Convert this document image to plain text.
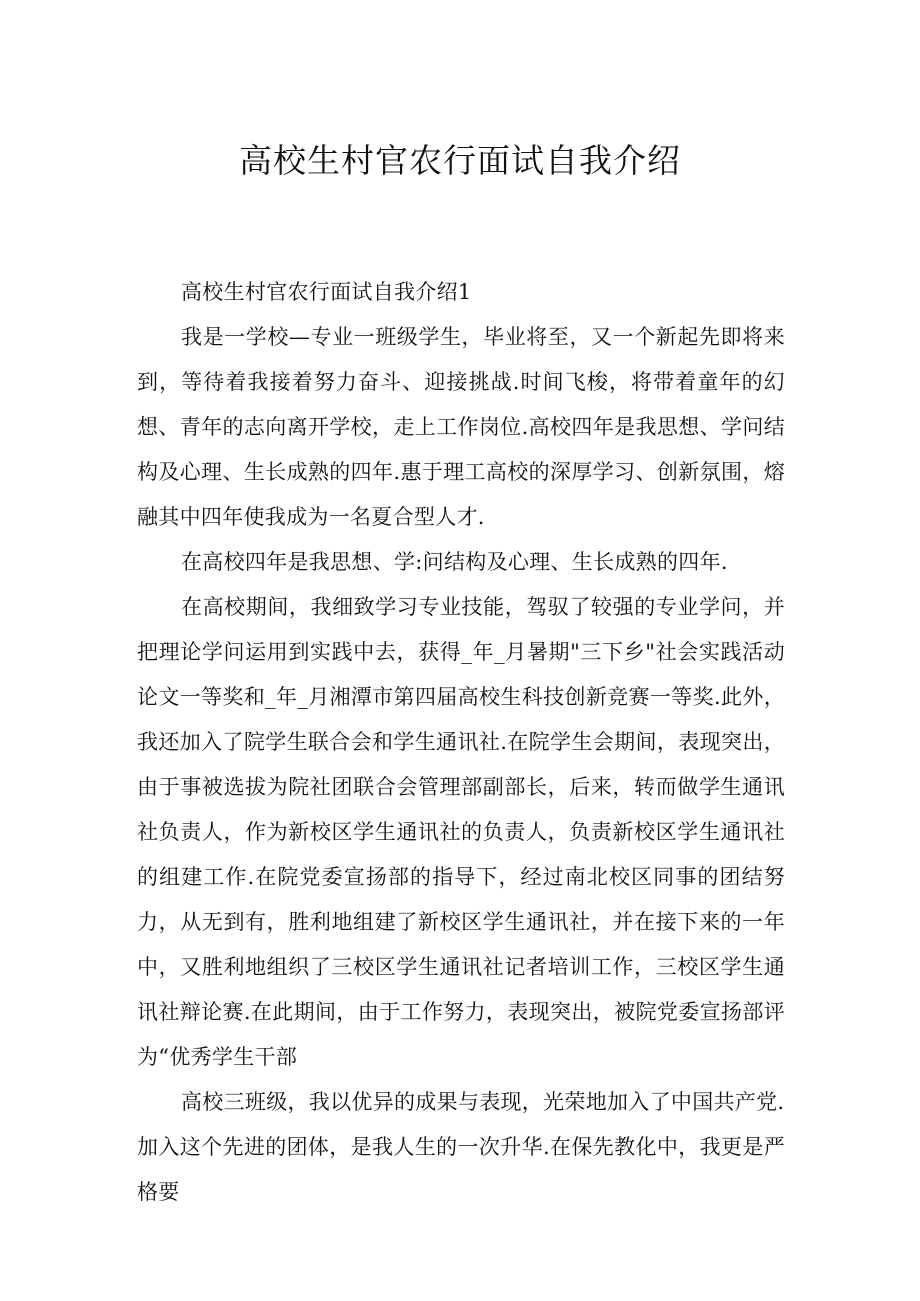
高校生村官农行面试自我介绍

高校生村官农行面试自我介绍1

我是一学校—专业一班级学生，毕业将至，又一个新起先即将来到，等待着我接着努力奋斗、迎接挑战.时间飞梭，将带着童年的幻想、青年的志向离开学校，走上工作岗位.高校四年是我思想、学问结构及心理、生长成熟的四年.惠于理工高校的深厚学习、创新氛围，熔融其中四年使我成为一名夏合型人才.

在高校四年是我思想、学:问结构及心理、生长成熟的四年.

在高校期间，我细致学习专业技能，驾驭了较强的专业学问，并把理论学问运用到实践中去，获得_年_月暑期"三下乡"社会实践活动论文一等奖和_年_月湘潭市第四届高校生科技创新竞赛一等奖.此外，我还加入了院学生联合会和学生通讯社.在院学生会期间，表现突出，由于事被选拔为院社团联合会管理部副部长，后来，转而做学生通讯社负责人，作为新校区学生通讯社的负责人，负责新校区学生通讯社的组建工作.在院党委宣扬部的指导下，经过南北校区同事的团结努力，从无到有，胜利地组建了新校区学生通讯社，并在接下来的一年中，又胜利地组织了三校区学生通讯社记者培训工作，三校区学生通讯社辩论赛.在此期间，由于工作努力，表现突出，被院党委宣扬部评为“优秀学生干部

高校三班级，我以优异的成果与表现，光荣地加入了中国共产党.

加入这个先进的团体，是我人生的一次升华.在保先教化中，我更是严格要
